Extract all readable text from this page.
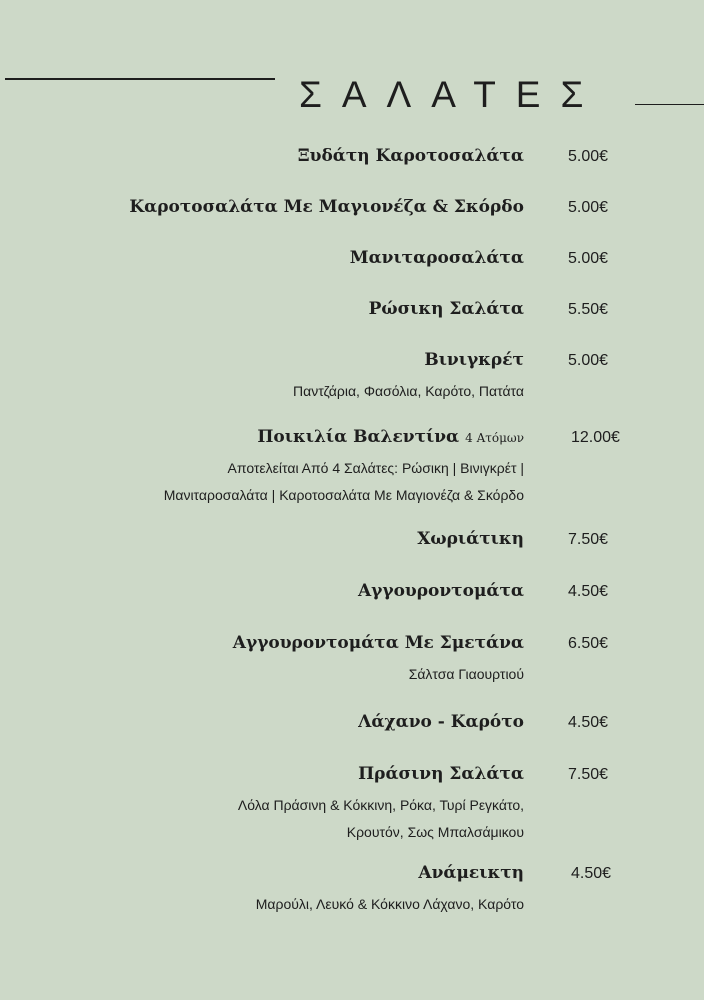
ΣΑΛΑΤΕΣ
Ξυδάτη Καροτοσαλάτα	5.00€
Καροτοσαλάτα Με Μαγιονέζα & Σκόρδο	5.00€
Μανιταροσαλάτα	5.00€
Ρώσικη Σαλάτα	5.50€
Βινιγκρέτ	5.00€
Παντζάρια, Φασόλια, Καρότο, Πατάτα
Ποικιλία Βαλεντίνα 4 Ατόμων	12.00€
Αποτελείται Από 4 Σαλάτες: Ρώσικη | Βινιγκρέτ |
Μανιταροσαλάτα | Καροτοσαλάτα Με Μαγιονέζα & Σκόρδο
Χωριάτικη	7.50€
Αγγουροντομάτα	4.50€
Αγγουροντομάτα Με Σμετάνα	6.50€
Σάλτσα Γιαουρτιού
Λάχανο - Καρότο	4.50€
Πράσινη Σαλάτα	7.50€
Λόλα Πράσινη & Κόκκινη, Ρόκα, Τυρί Ρεγκάτο,
Κρουτόν, Σως Μπαλσάμικου
Ανάμεικτη	4.50€
Μαρούλι, Λευκό & Κόκκινο Λάχανο, Καρότο
